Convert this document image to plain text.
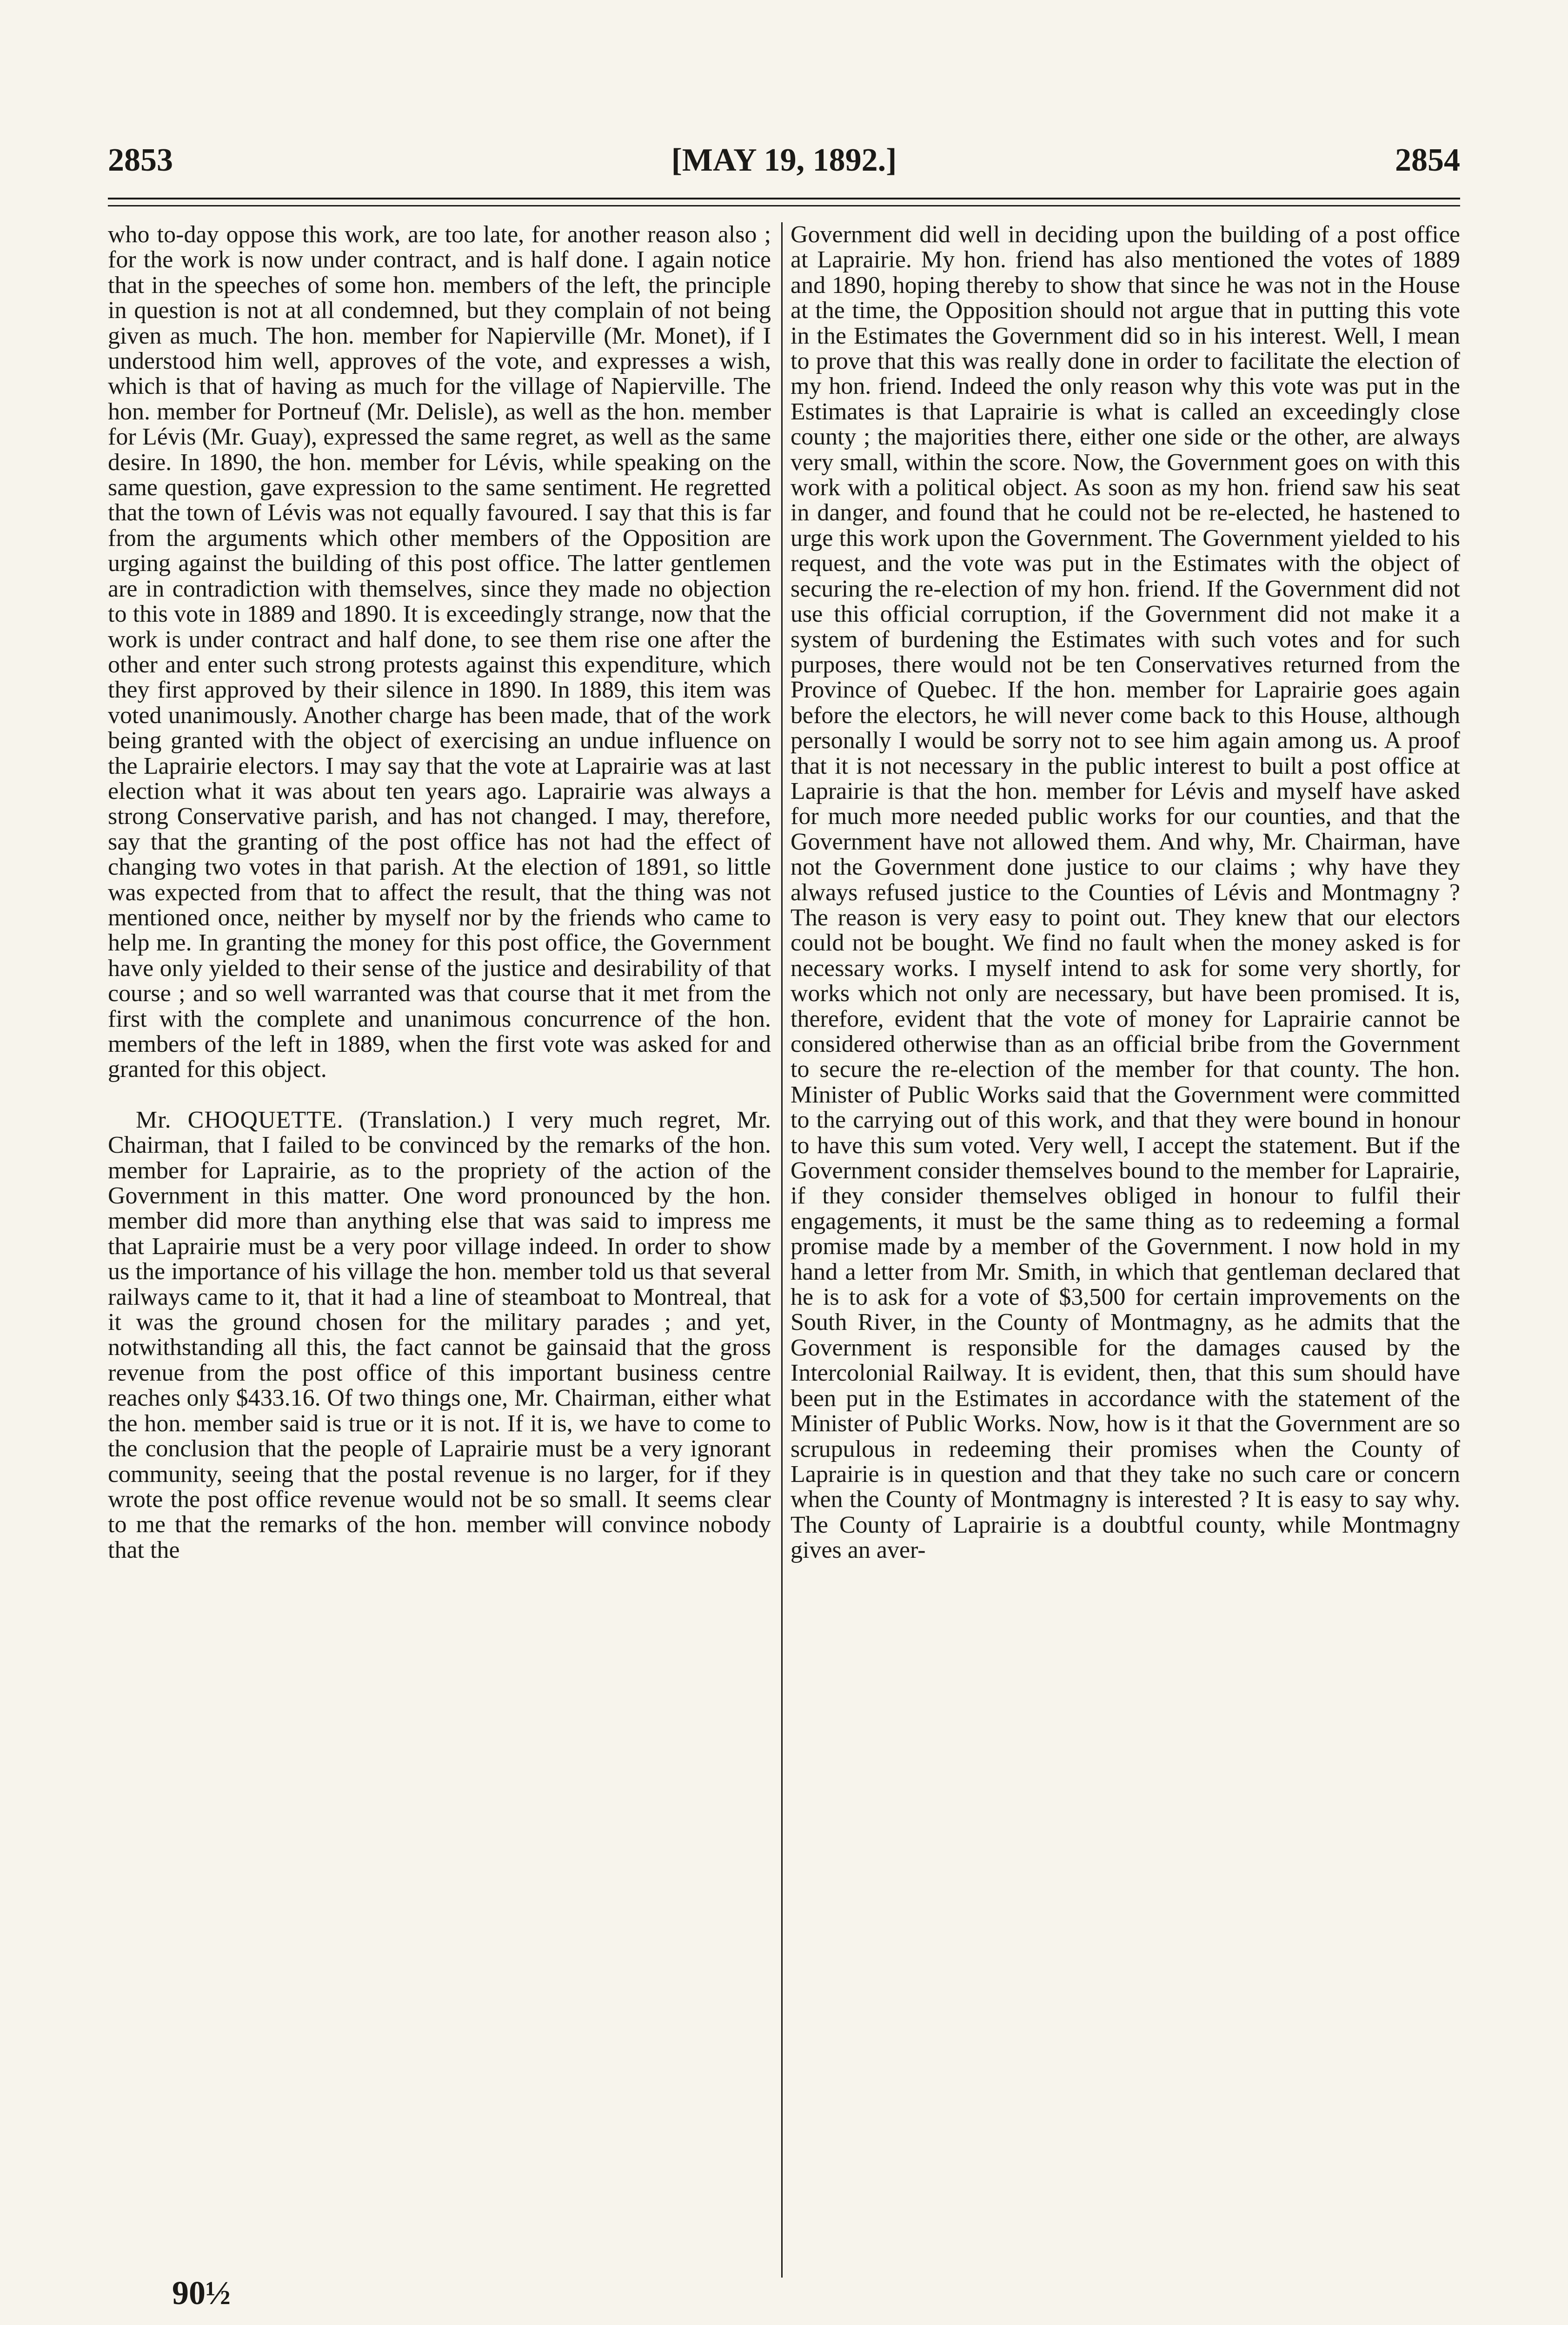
2853	[MAY 19, 1892.]	2854

who to-day oppose this work, are too late, for another reason also ; for the work is now under contract, and is half done. I again notice that in the speeches of some hon. members of the left, the principle in question is not at all condemned, but they complain of not being given as much. The hon. member for Napierville (Mr. Monet), if I understood him well, approves of the vote, and expresses a wish, which is that of having as much for the village of Napierville. The hon. member for Portneuf (Mr. Delisle), as well as the hon. member for Lévis (Mr. Guay), expressed the same regret, as well as the same desire. In 1890, the hon. member for Lévis, while speaking on the same question, gave expression to the same sentiment. He regretted that the town of Lévis was not equally favoured. I say that this is far from the arguments which other members of the Opposition are urging against the building of this post office. The latter gentlemen are in contradiction with themselves, since they made no objection to this vote in 1889 and 1890. It is exceedingly strange, now that the work is under contract and half done, to see them rise one after the other and enter such strong protests against this expenditure, which they first approved by their silence in 1890. In 1889, this item was voted unanimously. Another charge has been made, that of the work being granted with the object of exercising an undue influence on the Laprairie electors. I may say that the vote at Laprairie was at last election what it was about ten years ago. Laprairie was always a strong Conservative parish, and has not changed. I may, therefore, say that the granting of the post office has not had the effect of changing two votes in that parish. At the election of 1891, so little was expected from that to affect the result, that the thing was not mentioned once, neither by myself nor by the friends who came to help me. In granting the money for this post office, the Government have only yielded to their sense of the justice and desirability of that course ; and so well warranted was that course that it met from the first with the complete and unanimous concurrence of the hon. members of the left in 1889, when the first vote was asked for and granted for this object.

Mr. CHOQUETTE. (Translation.) I very much regret, Mr. Chairman, that I failed to be convinced by the remarks of the hon. member for Laprairie, as to the propriety of the action of the Government in this matter. One word pronounced by the hon. member did more than anything else that was said to impress me that Laprairie must be a very poor village indeed. In order to show us the importance of his village the hon. member told us that several railways came to it, that it had a line of steamboat to Montreal, that it was the ground chosen for the military parades ; and yet, notwithstanding all this, the fact cannot be gainsaid that the gross revenue from the post office of this important business centre reaches only $433.16. Of two things one, Mr. Chairman, either what the hon. member said is true or it is not. If it is, we have to come to the conclusion that the people of Laprairie must be a very ignorant community, seeing that the postal revenue is no larger, for if they wrote the post office revenue would not be so small. It seems clear to me that the remarks of the hon. member will convince nobody that the

Government did well in deciding upon the building of a post office at Laprairie. My hon. friend has also mentioned the votes of 1889 and 1890, hoping thereby to show that since he was not in the House at the time, the Opposition should not argue that in putting this vote in the Estimates the Government did so in his interest. Well, I mean to prove that this was really done in order to facilitate the election of my hon. friend. Indeed the only reason why this vote was put in the Estimates is that Laprairie is what is called an exceedingly close county ; the majorities there, either one side or the other, are always very small, within the score. Now, the Government goes on with this work with a political object. As soon as my hon. friend saw his seat in danger, and found that he could not be re-elected, he hastened to urge this work upon the Government. The Government yielded to his request, and the vote was put in the Estimates with the object of securing the re-election of my hon. friend. If the Government did not use this official corruption, if the Government did not make it a system of burdening the Estimates with such votes and for such purposes, there would not be ten Conservatives returned from the Province of Quebec. If the hon. member for Laprairie goes again before the electors, he will never come back to this House, although personally I would be sorry not to see him again among us. A proof that it is not necessary in the public interest to built a post office at Laprairie is that the hon. member for Lévis and myself have asked for much more needed public works for our counties, and that the Government have not allowed them. And why, Mr. Chairman, have not the Government done justice to our claims ; why have they always refused justice to the Counties of Lévis and Montmagny ? The reason is very easy to point out. They knew that our electors could not be bought. We find no fault when the money asked is for necessary works. I myself intend to ask for some very shortly, for works which not only are necessary, but have been promised. It is, therefore, evident that the vote of money for Laprairie cannot be considered otherwise than as an official bribe from the Government to secure the re-election of the member for that county. The hon. Minister of Public Works said that the Government were committed to the carrying out of this work, and that they were bound in honour to have this sum voted. Very well, I accept the statement. But if the Government consider themselves bound to the member for Laprairie, if they consider themselves obliged in honour to fulfil their engagements, it must be the same thing as to redeeming a formal promise made by a member of the Government. I now hold in my hand a letter from Mr. Smith, in which that gentleman declared that he is to ask for a vote of $3,500 for certain improvements on the South River, in the County of Montmagny, as he admits that the Government is responsible for the damages caused by the Intercolonial Railway. It is evident, then, that this sum should have been put in the Estimates in accordance with the statement of the Minister of Public Works. Now, how is it that the Government are so scrupulous in redeeming their promises when the County of Laprairie is in question and that they take no such care or concern when the County of Montmagny is interested ? It is easy to say why. The County of Laprairie is a doubtful county, while Montmagny gives an aver-

90½
